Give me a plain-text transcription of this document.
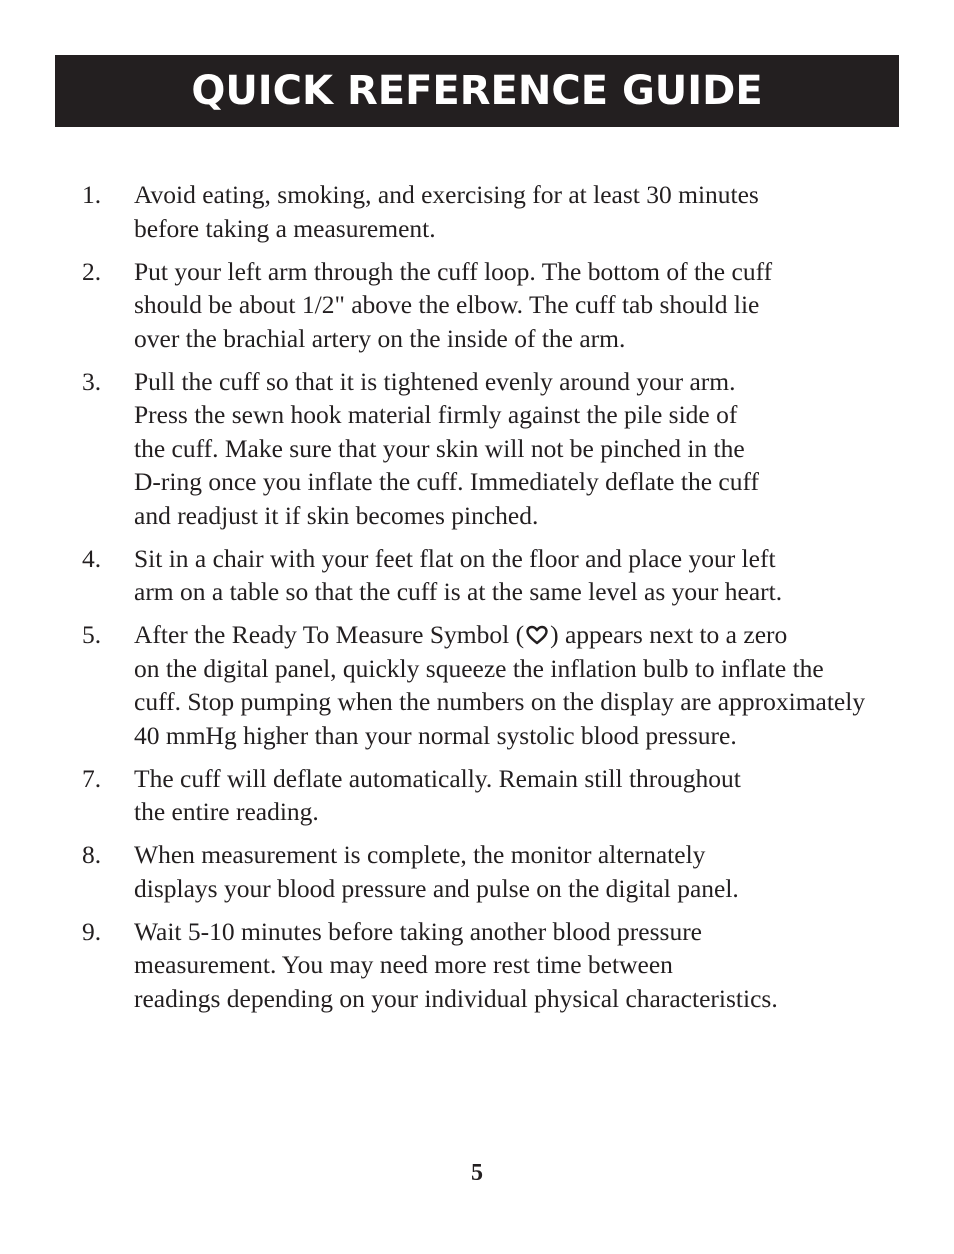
QUICK REFERENCE GUIDE
1.	Avoid eating, smoking, and exercising for at least 30 minutes
before taking a measurement.
2.	Put your left arm through the cuff loop. The bottom of the cuff
should be about 1/2" above the elbow. The cuff tab should lie
over the brachial artery on the inside of the arm.
3.	Pull the cuff so that it is tightened evenly around your arm.
Press the sewn hook material firmly against the pile side of
the cuff. Make sure that your skin will not be pinched in the
D-ring once you inflate the cuff. Immediately deflate the cuff
and readjust it if skin becomes pinched.
4.	Sit in a chair with your feet flat on the floor and place your left
arm on a table so that the cuff is at the same level as your heart.
5.	After the Ready To Measure Symbol ( ) appears next to a zero
on the digital panel, quickly squeeze the inflation bulb to inflate the
cuff. Stop pumping when the numbers on the display are approximately
40 mmHg higher than your normal systolic blood pressure.
7.	The cuff will deflate automatically. Remain still throughout
the entire reading.
8.	When measurement is complete, the monitor alternately
displays your blood pressure and pulse on the digital panel.
9.	Wait 5-10 minutes before taking another blood pressure
measurement. You may need more rest time between
readings depending on your individual physical characteristics.
5
